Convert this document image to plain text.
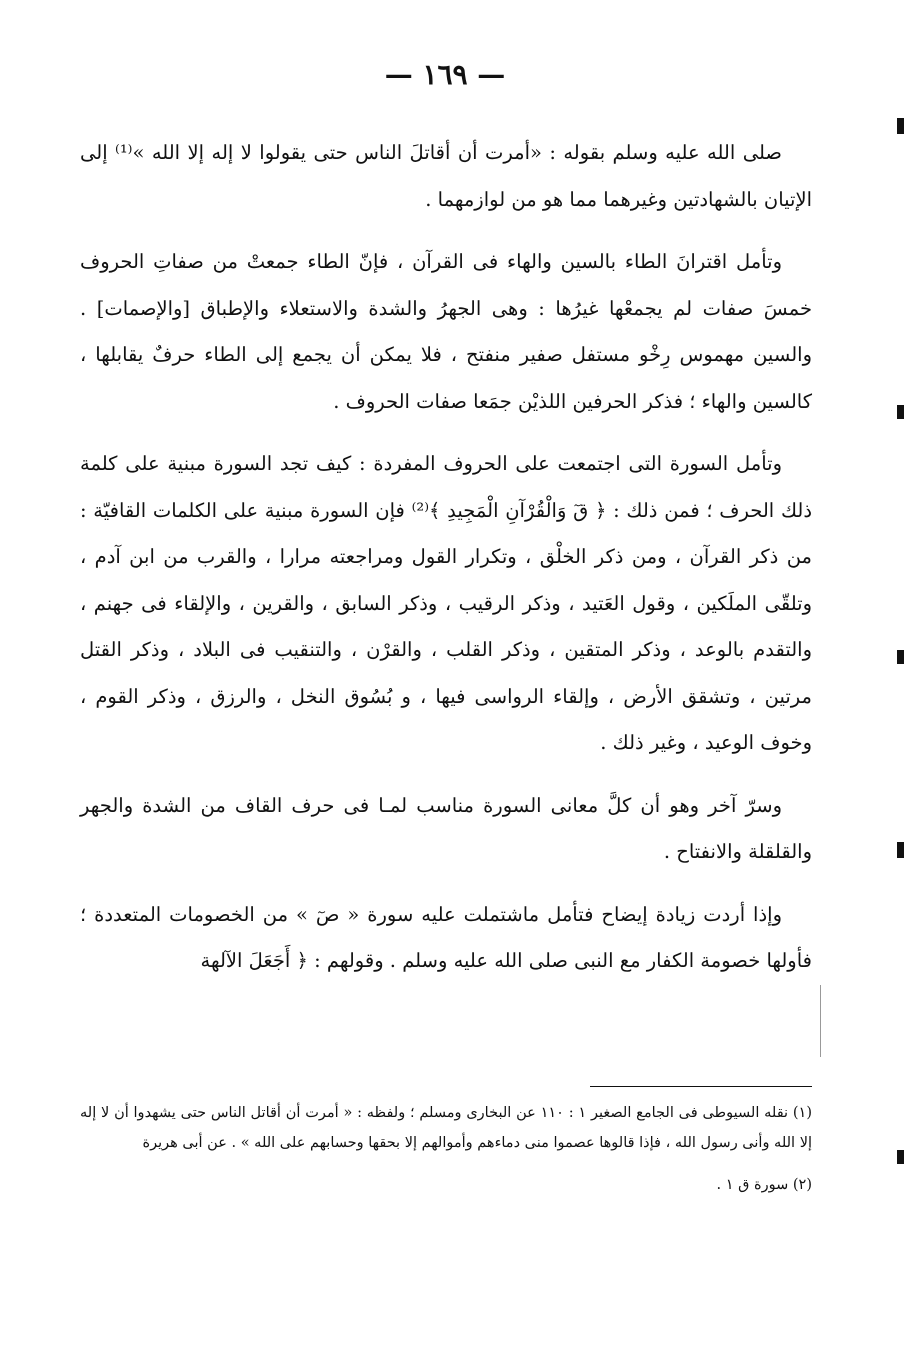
— ١٦٩ —

صلى الله عليه وسلم بقوله : «أمرت أن أقاتلَ الناس حتى يقولوا لا إله إلا الله »⁽¹⁾ إلى الإتيان بالشهادتين وغيرهما مما هو من لوازمهما .

وتأمل اقترانَ الطاء بالسين والهاء فى القرآن ، فإنّ الطاء جمعتْ من صفاتِ الحروف خمسَ صفات لم يجمعْها غيرُها : وهى الجهرُ والشدة والاستعلاء والإطباق [والإصمات] . والسين مهموس رِخْو مستفل صفير منفتح ، فلا يمكن أن يجمع إلى الطاء حرفٌ يقابلها ، كالسين والهاء ؛ فذكر الحرفين اللذيْن جمَعا صفات الحروف .

وتأمل السورة التى اجتمعت على الحروف المفردة : كيف تجد السورة مبنية على كلمة ذلك الحرف ؛ فمن ذلك : ﴿ قٓ وَالْقُرْآنِ الْمَجِيدِ ﴾⁽²⁾ فإن السورة مبنية على الكلمات القافيّة : من ذكر القرآن ، ومن ذكر الخلْق ، وتكرار القول ومراجعته مرارا ، والقرب من ابن آدم ، وتلقّى الملَكين ، وقول العَتيد ، وذكر الرقيب ، وذكر السابق ، والقرين ، والإلقاء فى جهنم ، والتقدم بالوعد ، وذكر المتقين ، وذكر القلب ، والقرْن ، والتنقيب فى البلاد ، وذكر القتل مرتين ، وتشقق الأرض ، وإلقاء الرواسى فيها ، و بُسُوق النخل ، والرزق ، وذكر القوم ، وخوف الوعيد ، وغير ذلك .

وسرّ آخر وهو أن كلَّ معانى السورة مناسب لمـا فى حرف القاف من الشدة والجهر والقلقلة والانفتاح .

وإذا أردت زيادة إيضاح فتأمل ماشتملت عليه سورة « صٓ » من الخصومات المتعددة ؛ فأولها خصومة الكفار مع النبى صلى الله عليه وسلم . وقولهم : ﴿ أَجَعَلَ الآلهة

(١) نقله السيوطى فى الجامع الصغير ١ : ١١٠ عن البخارى ومسلم ؛ ولفظه : « أمرت أن أقاتل الناس حتى يشهدوا أن لا إله إلا الله وأنى رسول الله ، فإذا قالوها عصموا منى دماءهم وأموالهم إلا بحقها وحسابهم على الله » . عن أبى هريرة

(٢) سورة ق ١ .
